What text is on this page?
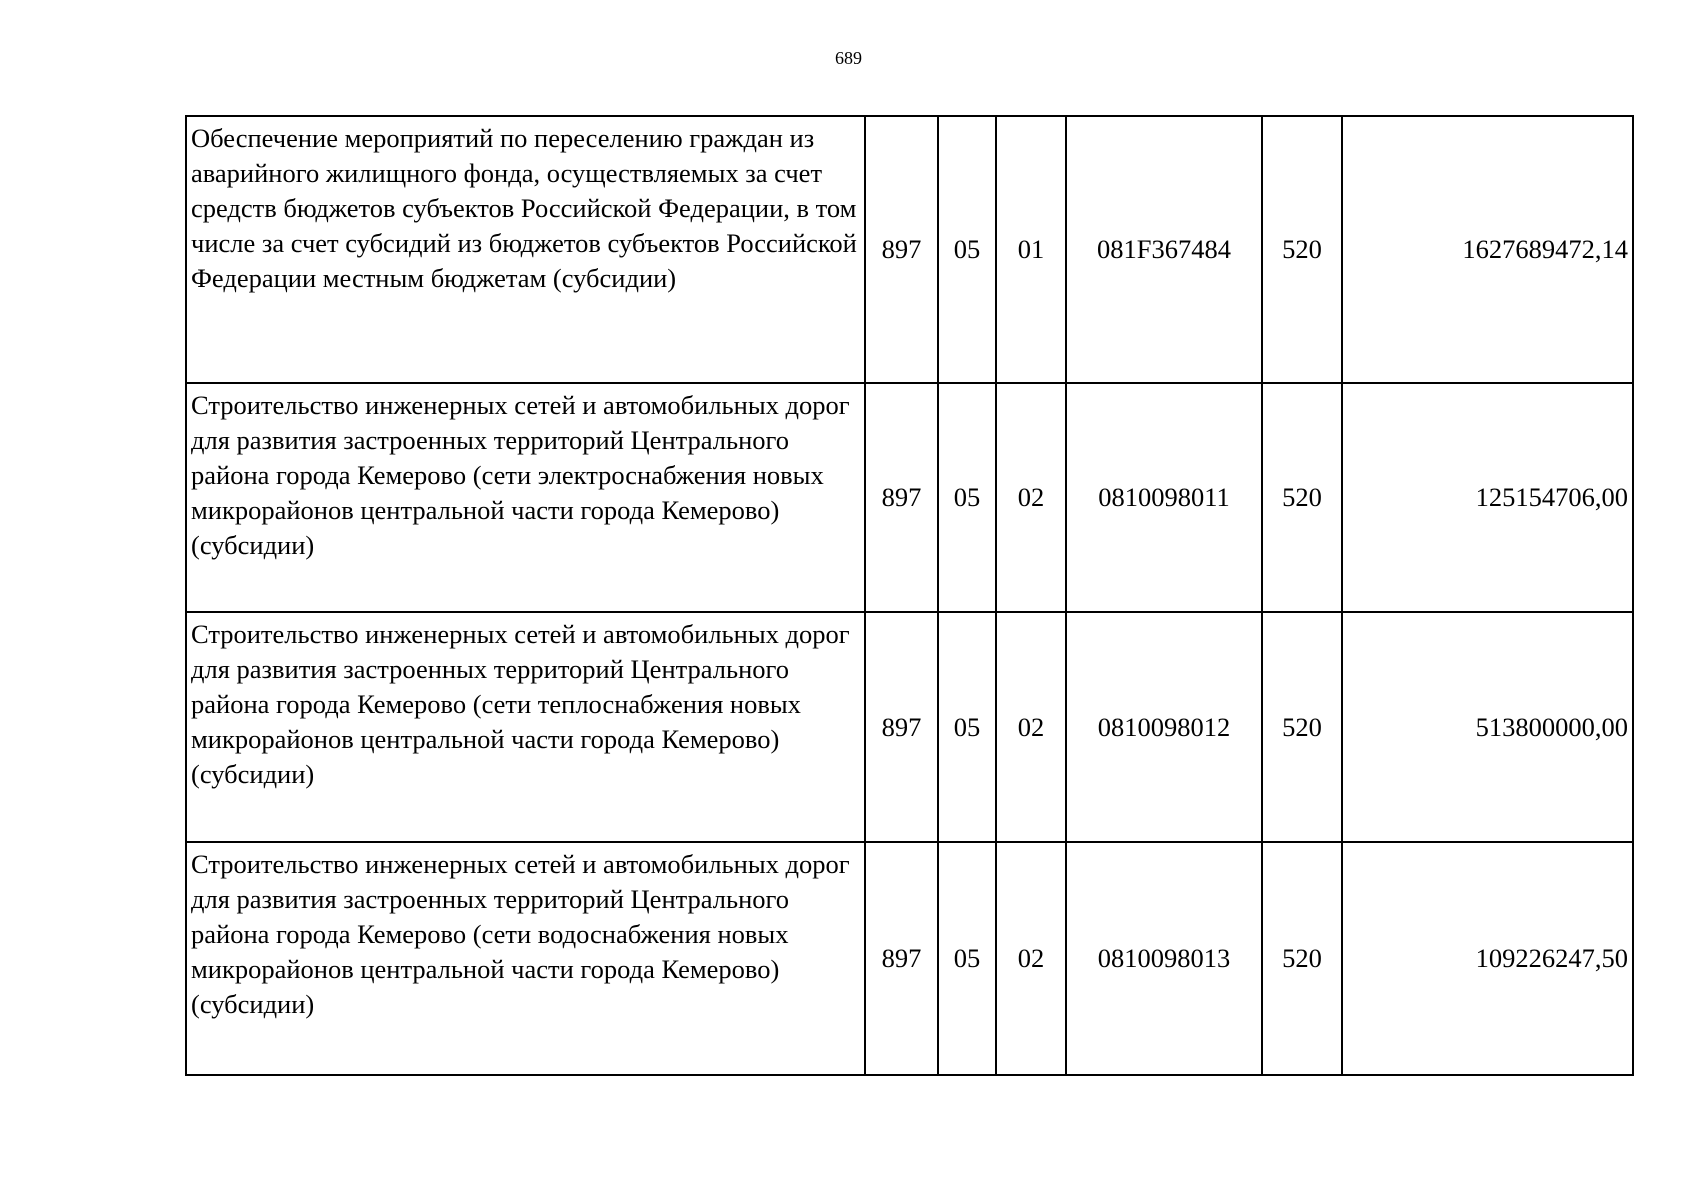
689
Обеспечение мероприятий по переселению граждан из аварийного жилищного фонда, осуществляемых за счет средств бюджетов субъектов Российской Федерации, в том числе за счет субсидий из бюджетов субъектов Российской Федерации местным бюджетам (субсидии)	897	05	01	081F367484	520	1627689472,14
Строительство инженерных сетей и автомобильных дорог для развития застроенных территорий Центрального района города Кемерово (сети электроснабжения новых микрорайонов центральной части города Кемерово) (субсидии)	897	05	02	0810098011	520	125154706,00
Строительство инженерных сетей и автомобильных дорог для развития застроенных территорий Центрального района города Кемерово (сети теплоснабжения новых микрорайонов центральной части города Кемерово) (субсидии)	897	05	02	0810098012	520	513800000,00
Строительство инженерных сетей и автомобильных дорог для развития застроенных территорий Центрального района города Кемерово (сети водоснабжения новых микрорайонов центральной части города Кемерово) (субсидии)	897	05	02	0810098013	520	109226247,50
